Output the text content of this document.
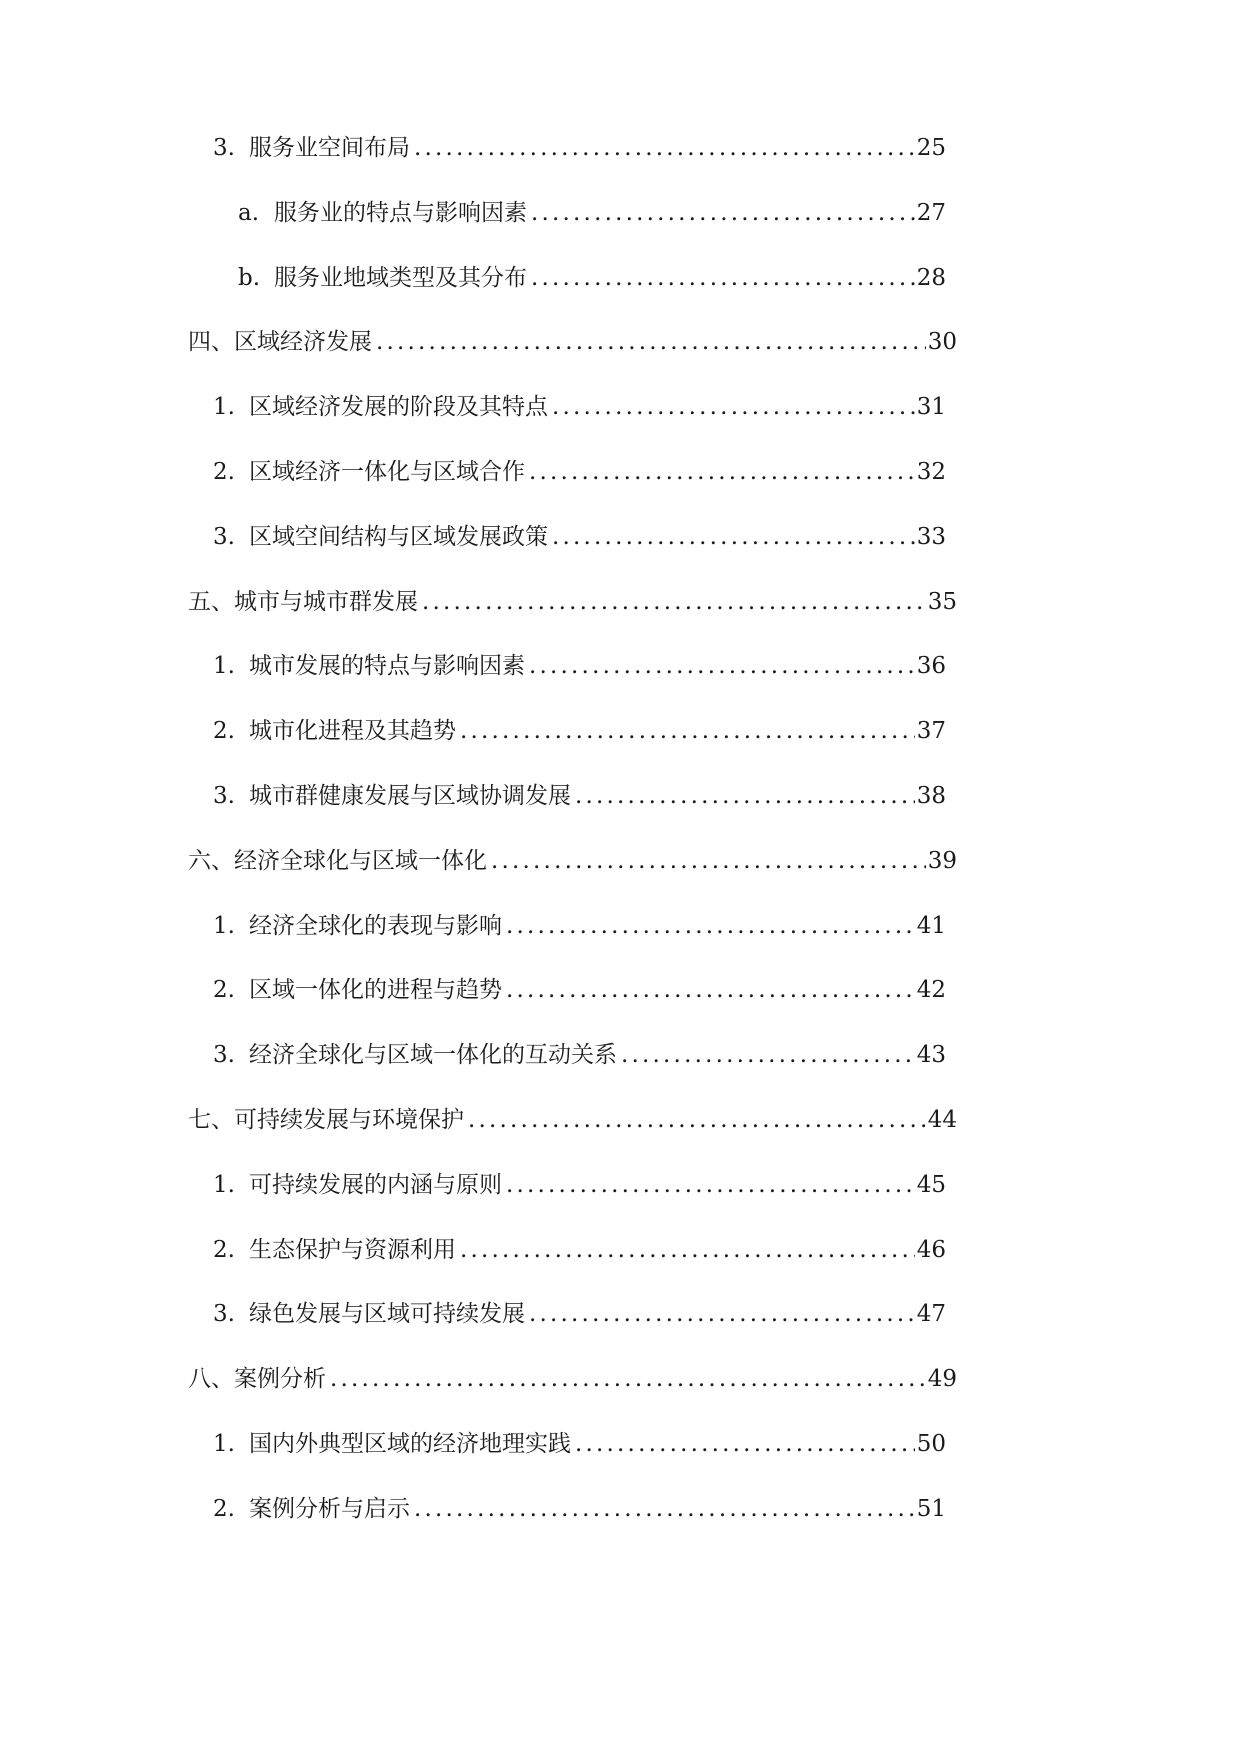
3. 服务业空间布局 .....	25
a. 服务业的特点与影响因素 .....	27
b. 服务业地域类型及其分布 .....	28
四、区域经济发展 .....	30
1. 区域经济发展的阶段及其特点 .....	31
2. 区域经济一体化与区域合作 .....	32
3. 区域空间结构与区域发展政策 .....	33
五、城市与城市群发展 .....	35
1. 城市发展的特点与影响因素 .....	36
2. 城市化进程及其趋势 .....	37
3. 城市群健康发展与区域协调发展 .....	38
六、经济全球化与区域一体化 .....	39
1. 经济全球化的表现与影响 .....	41
2. 区域一体化的进程与趋势 .....	42
3. 经济全球化与区域一体化的互动关系 .....	43
七、可持续发展与环境保护 .....	44
1. 可持续发展的内涵与原则 .....	45
2. 生态保护与资源利用 .....	46
3. 绿色发展与区域可持续发展 .....	47
八、案例分析 .....	49
1. 国内外典型区域的经济地理实践 .....	50
2. 案例分析与启示 .....	51
